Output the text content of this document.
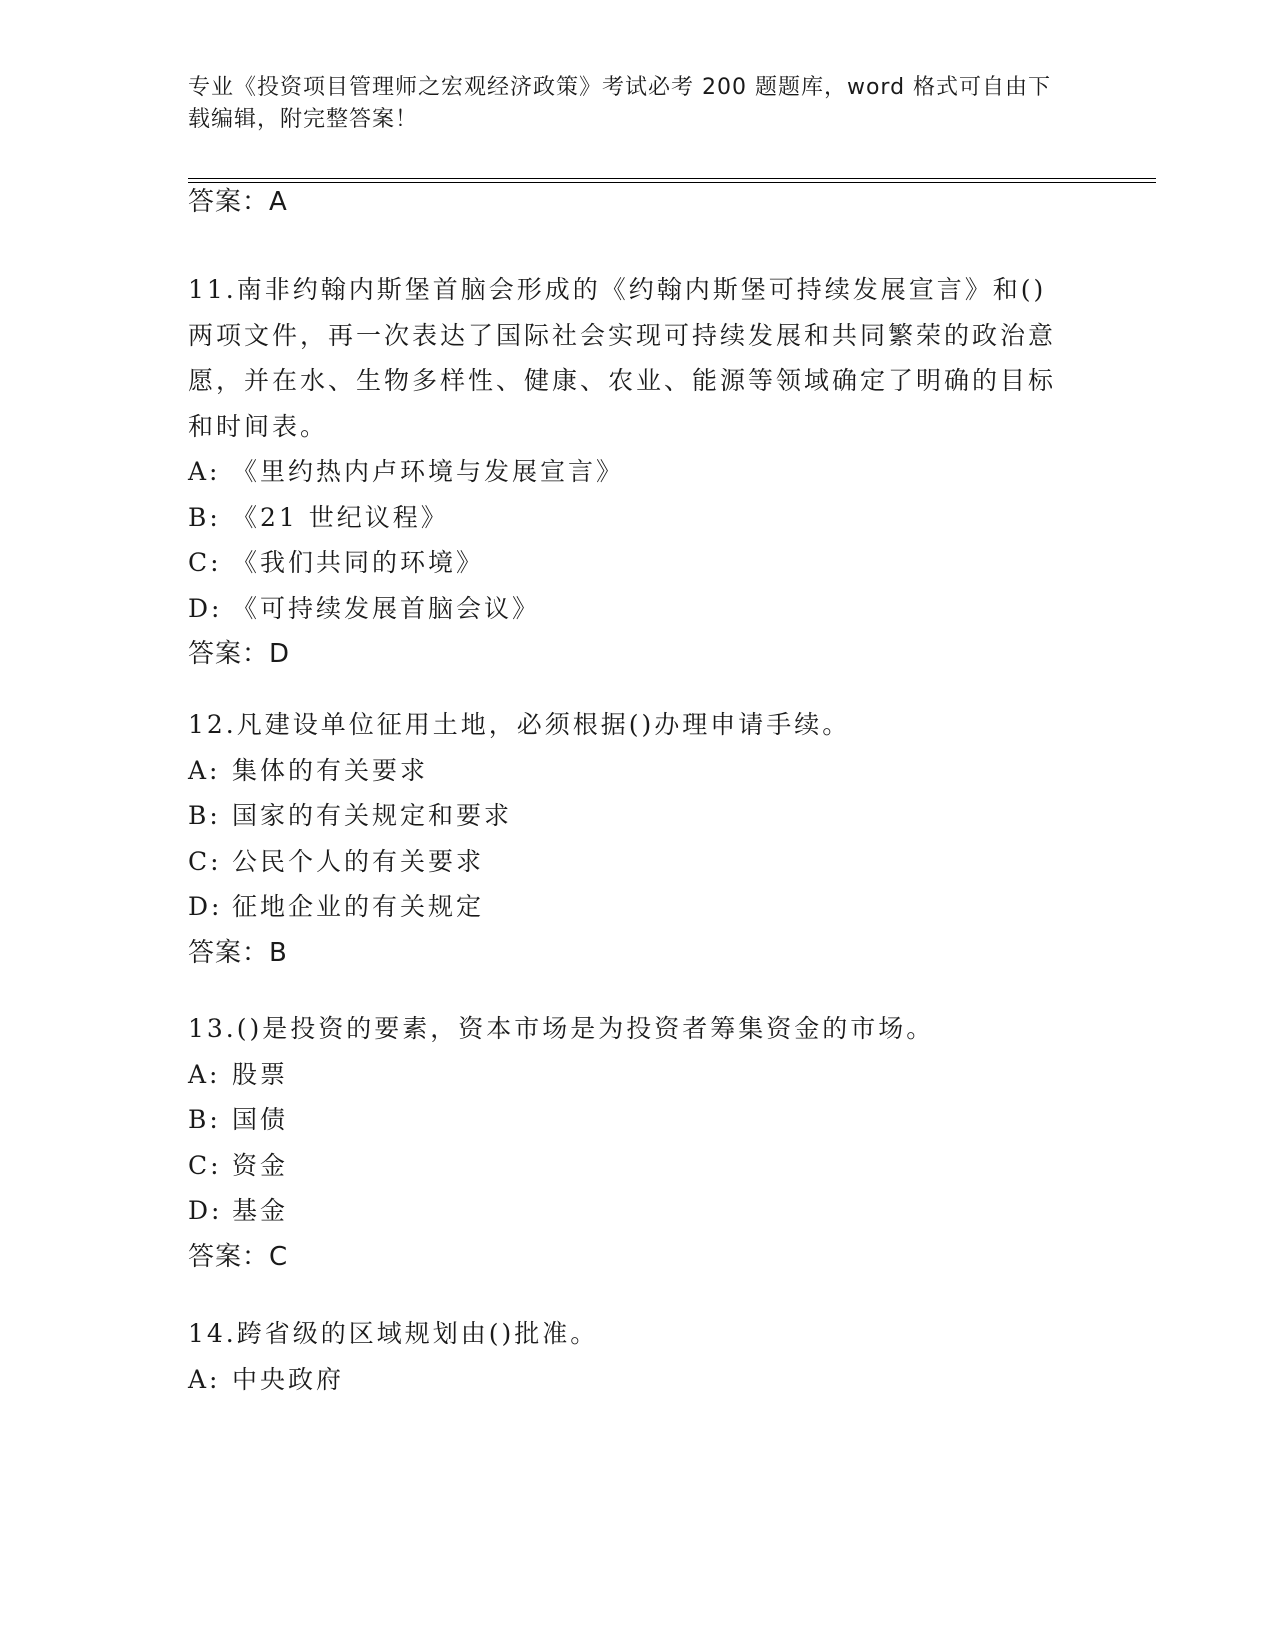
专业《投资项目管理师之宏观经济政策》考试必考 200 题题库，word 格式可自由下载编辑，附完整答案！
答案：A
11.南非约翰内斯堡首脑会形成的《约翰内斯堡可持续发展宣言》和()两项文件，再一次表达了国际社会实现可持续发展和共同繁荣的政治意愿，并在水、生物多样性、健康、农业、能源等领域确定了明确的目标和时间表。
A: 《里约热内卢环境与发展宣言》
B: 《21 世纪议程》
C: 《我们共同的环境》
D: 《可持续发展首脑会议》
答案：D
12.凡建设单位征用土地，必须根据()办理申请手续。
A: 集体的有关要求
B: 国家的有关规定和要求
C: 公民个人的有关要求
D: 征地企业的有关规定
答案：B
13.()是投资的要素，资本市场是为投资者筹集资金的市场。
A: 股票
B: 国债
C: 资金
D: 基金
答案：C
14.跨省级的区域规划由()批准。
A: 中央政府
